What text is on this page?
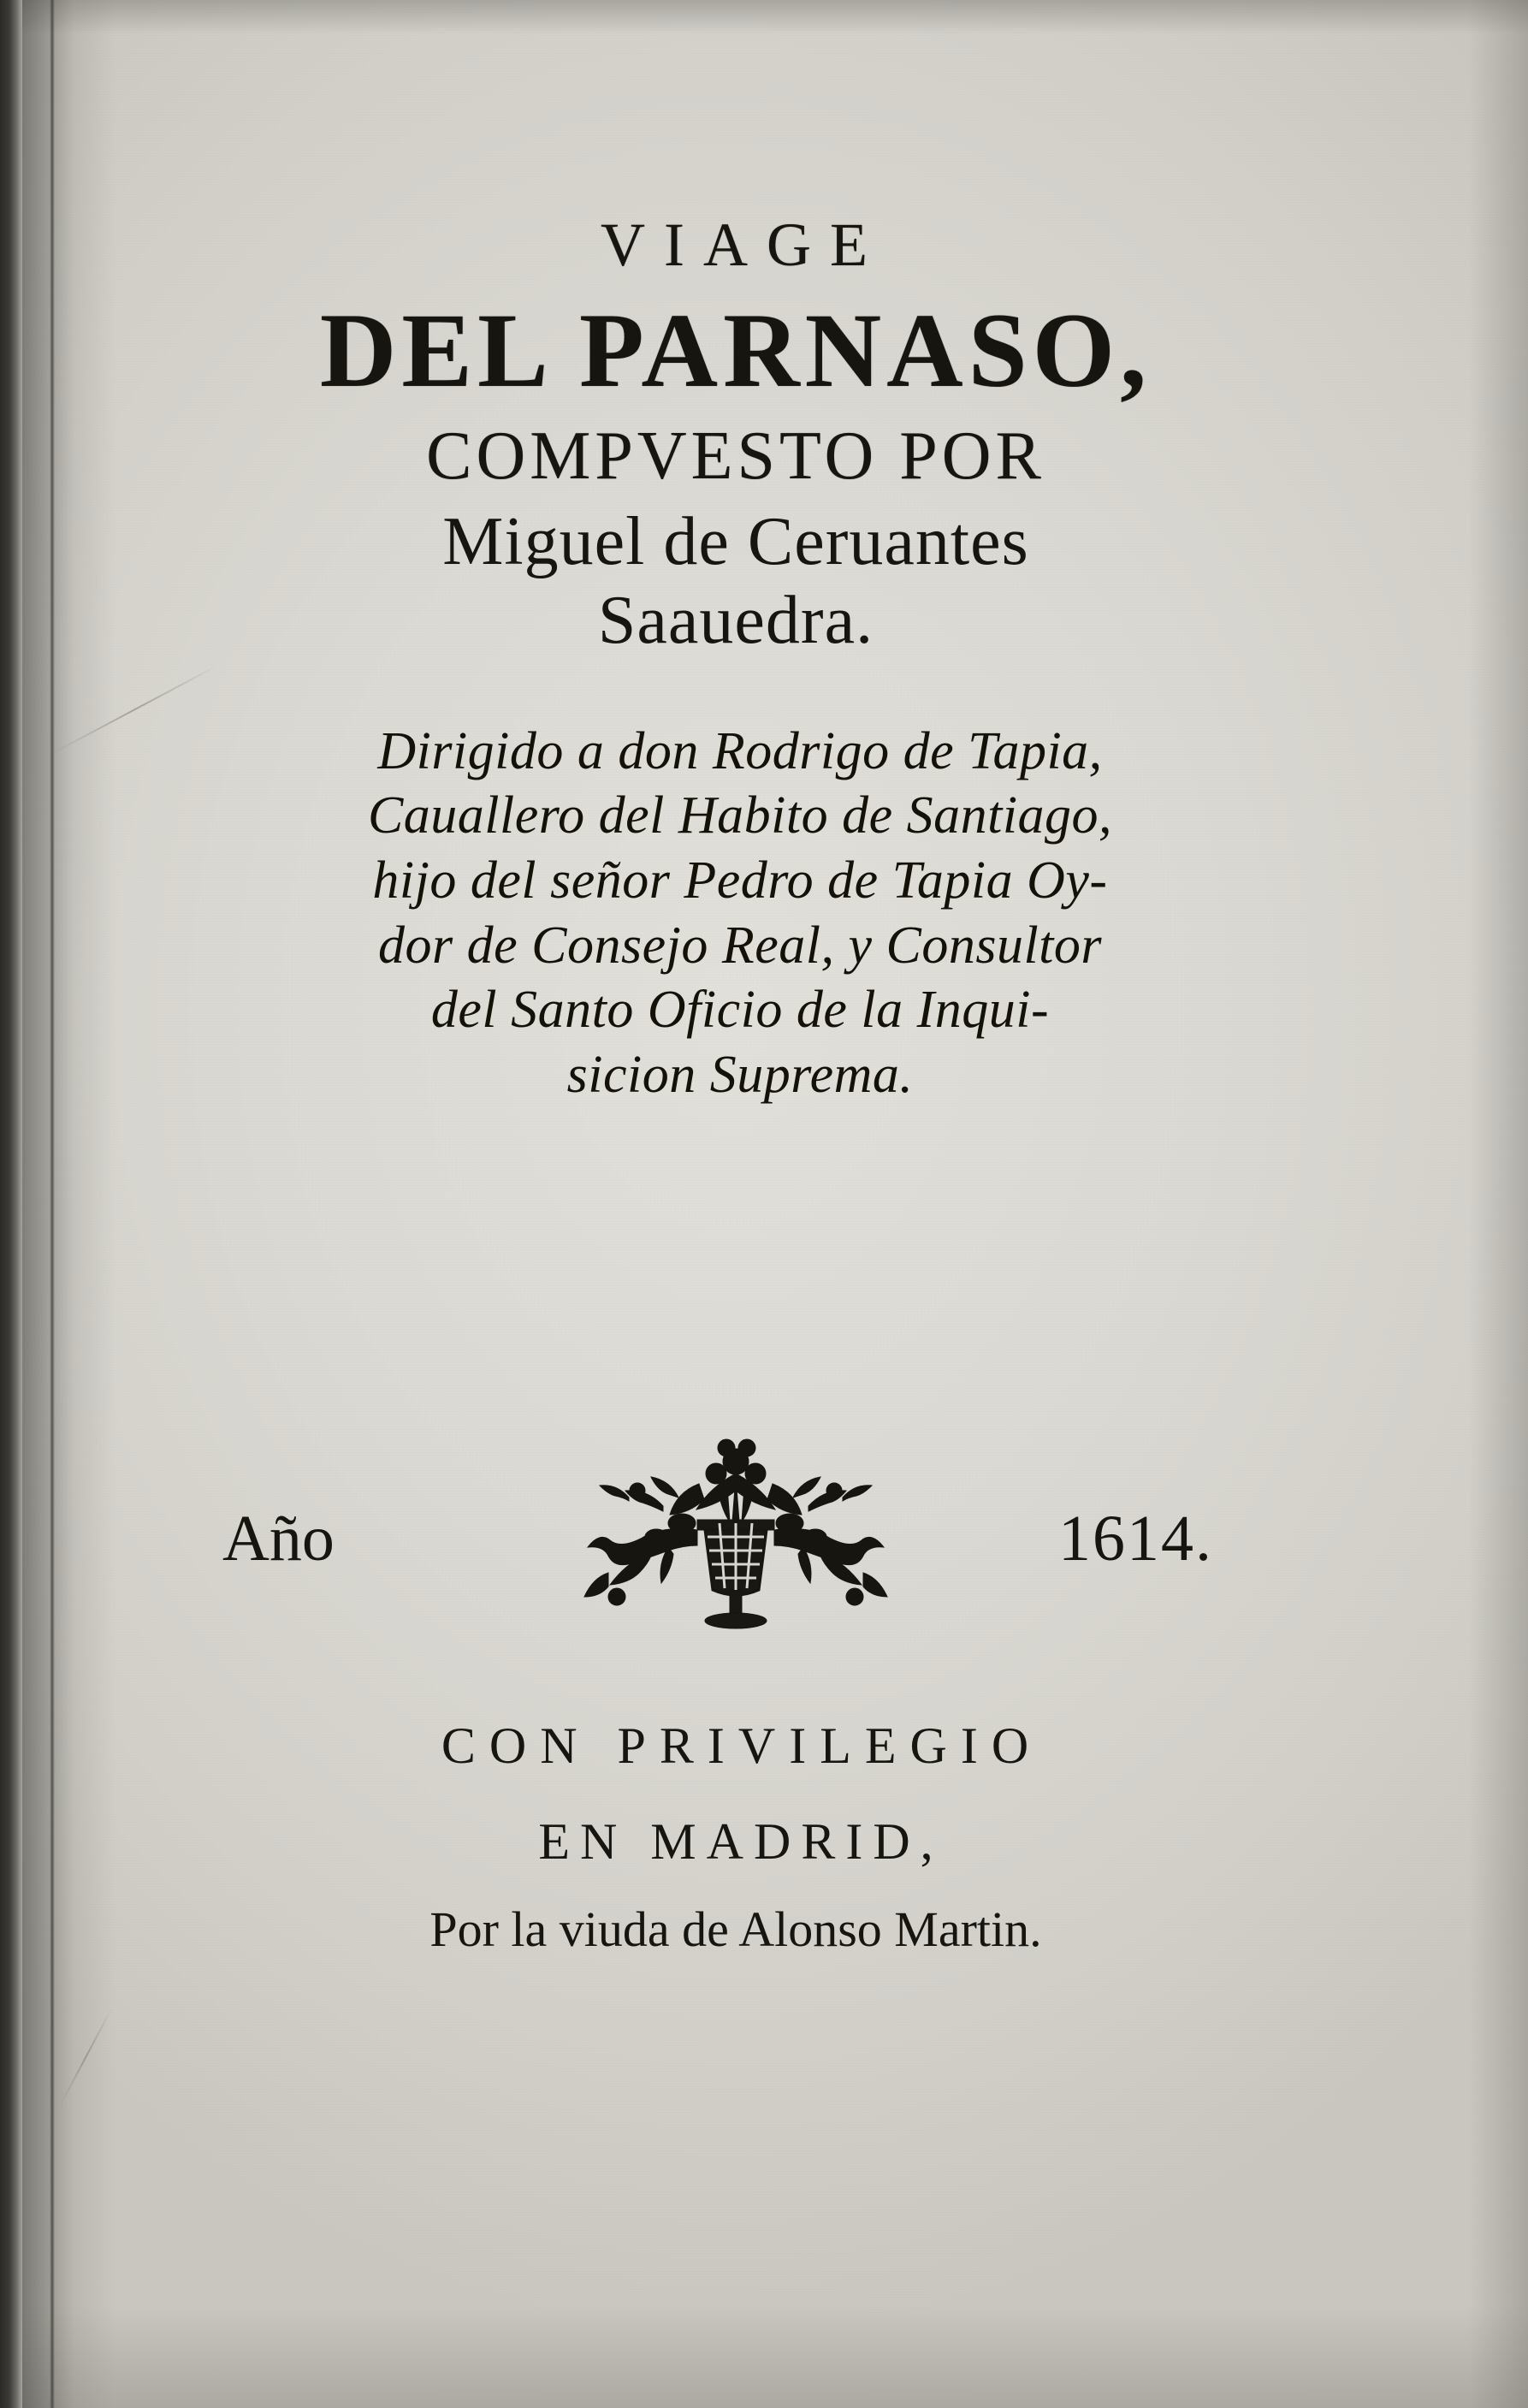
VIAGE
DEL PARNASO,
COMPVESTO POR
Miguel de Ceruantes
Saauedra.
Dirigido a don Rodrigo de Tapia,
Cauallero del Habito de Santiago,
hijo del señor Pedro de Tapia Oy-
dor de Consejo Real, y Consultor
del Santo Oficio de la Inqui-
sicion Suprema.
Año	1614.
CON PRIVILEGIO
EN MADRID,
Por la viuda de Alonso Martin.
